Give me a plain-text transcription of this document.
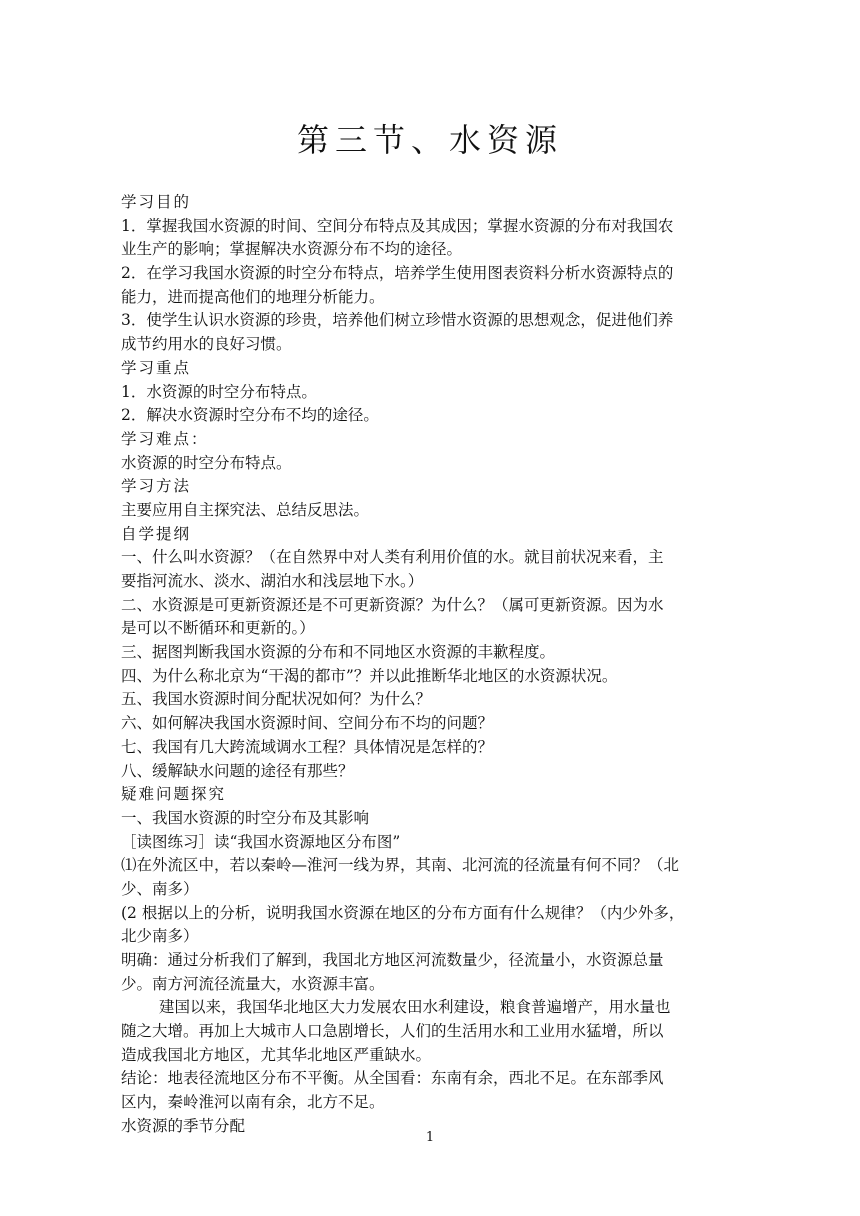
第三节、水资源
学习目的
1．掌握我国水资源的时间、空间分布特点及其成因；掌握水资源的分布对我国农
业生产的影响；掌握解决水资源分布不均的途径。
2．在学习我国水资源的时空分布特点，培养学生使用图表资料分析水资源特点的
能力，进而提高他们的地理分析能力。
3．使学生认识水资源的珍贵，培养他们树立珍惜水资源的思想观念，促进他们养
成节约用水的良好习惯。
学习重点
1．水资源的时空分布特点。
2．解决水资源时空分布不均的途径。
学习难点：
水资源的时空分布特点。
学习方法
主要应用自主探究法、总结反思法。
自学提纲
一、什么叫水资源？（在自然界中对人类有利用价值的水。就目前状况来看，主
要指河流水、淡水、湖泊水和浅层地下水。）
二、水资源是可更新资源还是不可更新资源？为什么？（属可更新资源。因为水
是可以不断循环和更新的。）
三、据图判断我国水资源的分布和不同地区水资源的丰歉程度。
四、为什么称北京为“干渴的都市”？并以此推断华北地区的水资源状况。
五、我国水资源时间分配状况如何？为什么？
六、如何解决我国水资源时间、空间分布不均的问题？
七、我国有几大跨流域调水工程？具体情况是怎样的？
八、缓解缺水问题的途径有那些？
疑难问题探究
一、我国水资源的时空分布及其影响
［读图练习］读“我国水资源地区分布图”
⑴在外流区中，若以秦岭—淮河一线为界，其南、北河流的径流量有何不同？（北
少、南多）
(2 根据以上的分析，说明我国水资源在地区的分布方面有什么规律？（内少外多，
北少南多）
明确：通过分析我们了解到，我国北方地区河流数量少，径流量小，水资源总量
少。南方河流径流量大，水资源丰富。
建国以来，我国华北地区大力发展农田水利建设，粮食普遍增产，用水量也
随之大增。再加上大城市人口急剧增长，人们的生活用水和工业用水猛增，所以
造成我国北方地区，尤其华北地区严重缺水。
结论：地表径流地区分布不平衡。从全国看：东南有余，西北不足。在东部季风
区内，秦岭淮河以南有余，北方不足。
水资源的季节分配
1
